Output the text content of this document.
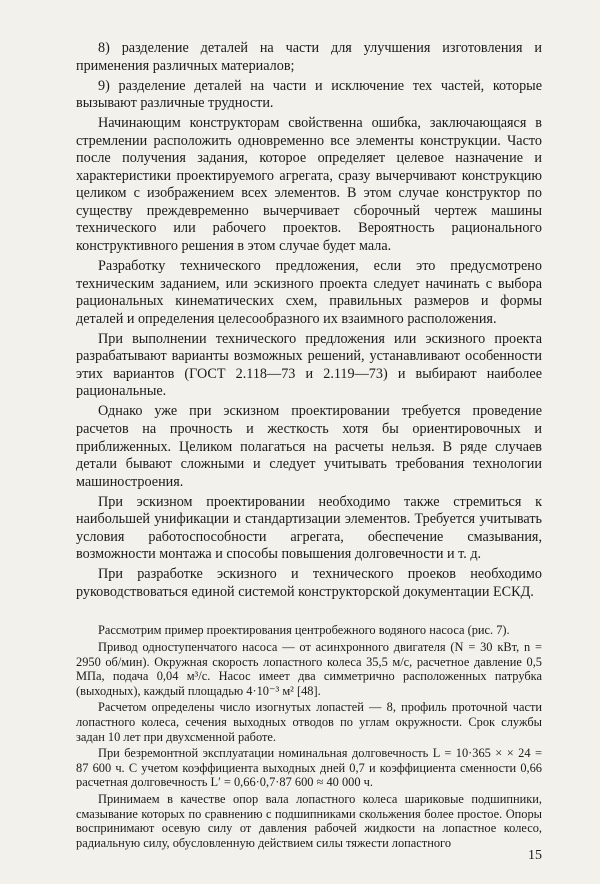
8) разделение деталей на части для улучшения изготовления и применения различных материалов;

9) разделение деталей на части и исключение тех частей, которые вызывают различные трудности.

Начинающим конструкторам свойственна ошибка, заключающаяся в стремлении расположить одновременно все элементы конструкции. Часто после получения задания, которое определяет целевое назначение и характеристики проектируемого агрегата, сразу вычерчивают конструкцию целиком с изображением всех элементов. В этом случае конструктор по существу преждевременно вычерчивает сборочный чертеж машины технического или рабочего проектов. Вероятность рационального конструктивного решения в этом случае будет мала.

Разработку технического предложения, если это предусмотрено техническим заданием, или эскизного проекта следует начинать с выбора рациональных кинематических схем, правильных размеров и формы деталей и определения целесообразного их взаимного расположения.

При выполнении технического предложения или эскизного проекта разрабатывают варианты возможных решений, устанавливают особенности этих вариантов (ГОСТ 2.118—73 и 2.119—73) и выбирают наиболее рациональные.

Однако уже при эскизном проектировании требуется проведение расчетов на прочность и жесткость хотя бы ориентировочных и приближенных. Целиком полагаться на расчеты нельзя. В ряде случаев детали бывают сложными и следует учитывать требования технологии машиностроения.

При эскизном проектировании необходимо также стремиться к наибольшей унификации и стандартизации элементов. Требуется учитывать условия работоспособности агрегата, обеспечение смазывания, возможности монтажа и способы повышения долговечности и т. д.

При разработке эскизного и технического проеков необходимо руководствоваться единой системой конструкторской документации ЕСКД.

Рассмотрим пример проектирования центробежного водяного насоса (рис. 7).

Привод одноступенчатого насоса — от асинхронного двигателя (N = 30 кВт, n = 2950 об/мин). Окружная скорость лопастного колеса 35,5 м/с, расчетное давление 0,5 МПа, подача 0,04 м³/с. Насос имеет два симметрично расположенных патрубка (выходных), каждый площадью 4·10⁻³ м² [48].

Расчетом определены число изогнутых лопастей — 8, профиль проточной части лопастного колеса, сечения выходных отводов по углам окружности. Срок службы задан 10 лет при двухсменной работе.

При безремонтной эксплуатации номинальная долговечность L = 10·365 × × 24 = 87 600 ч. С учетом коэффициента выходных дней 0,7 и коэффициента сменности 0,66 расчетная долговечность L′ = 0,66·0,7·87 600 ≈ 40 000 ч.

Принимаем в качестве опор вала лопастного колеса шариковые подшипники, смазывание которых по сравнению с подшипниками скольжения более простое. Опоры воспринимают осевую силу от давления рабочей жидкости на лопастное колесо, радиальную силу, обусловленную действием силы тяжести лопастного

15
